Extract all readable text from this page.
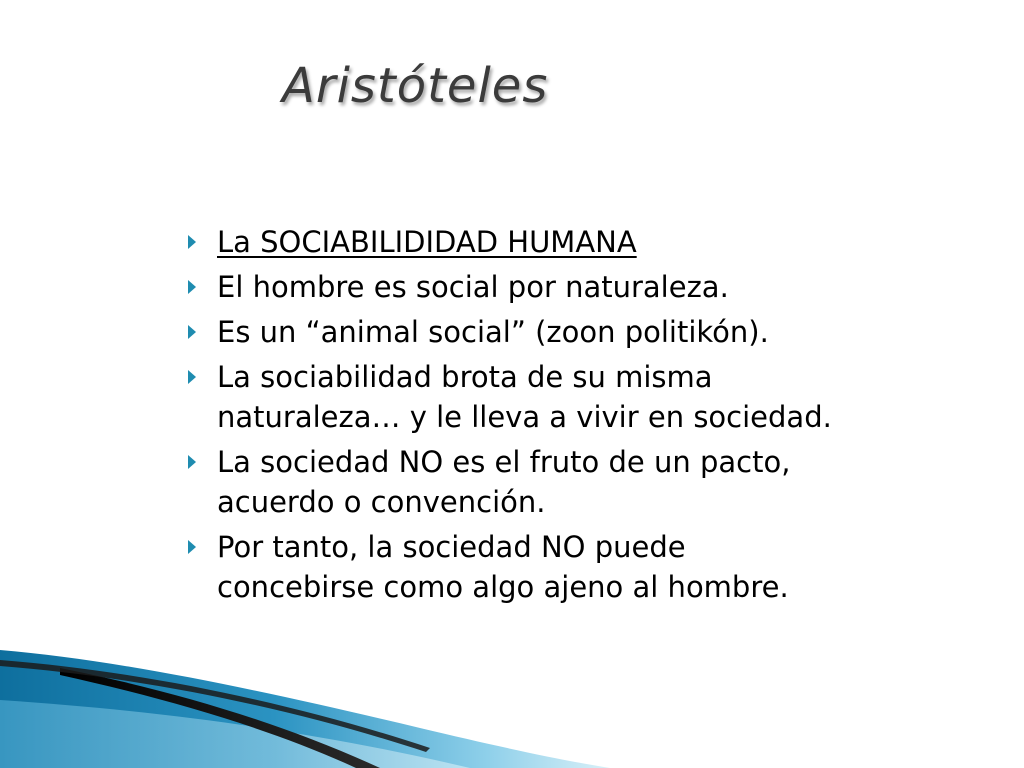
Aristóteles
La SOCIABILIDIDAD HUMANA
El hombre es social por naturaleza.
Es un “animal social” (zoon politikón).
La sociabilidad brota de su misma
naturaleza… y le lleva a vivir en sociedad.
La sociedad NO es el fruto de un pacto,
acuerdo o convención.
Por tanto, la sociedad NO puede
concebirse como algo ajeno al hombre.
